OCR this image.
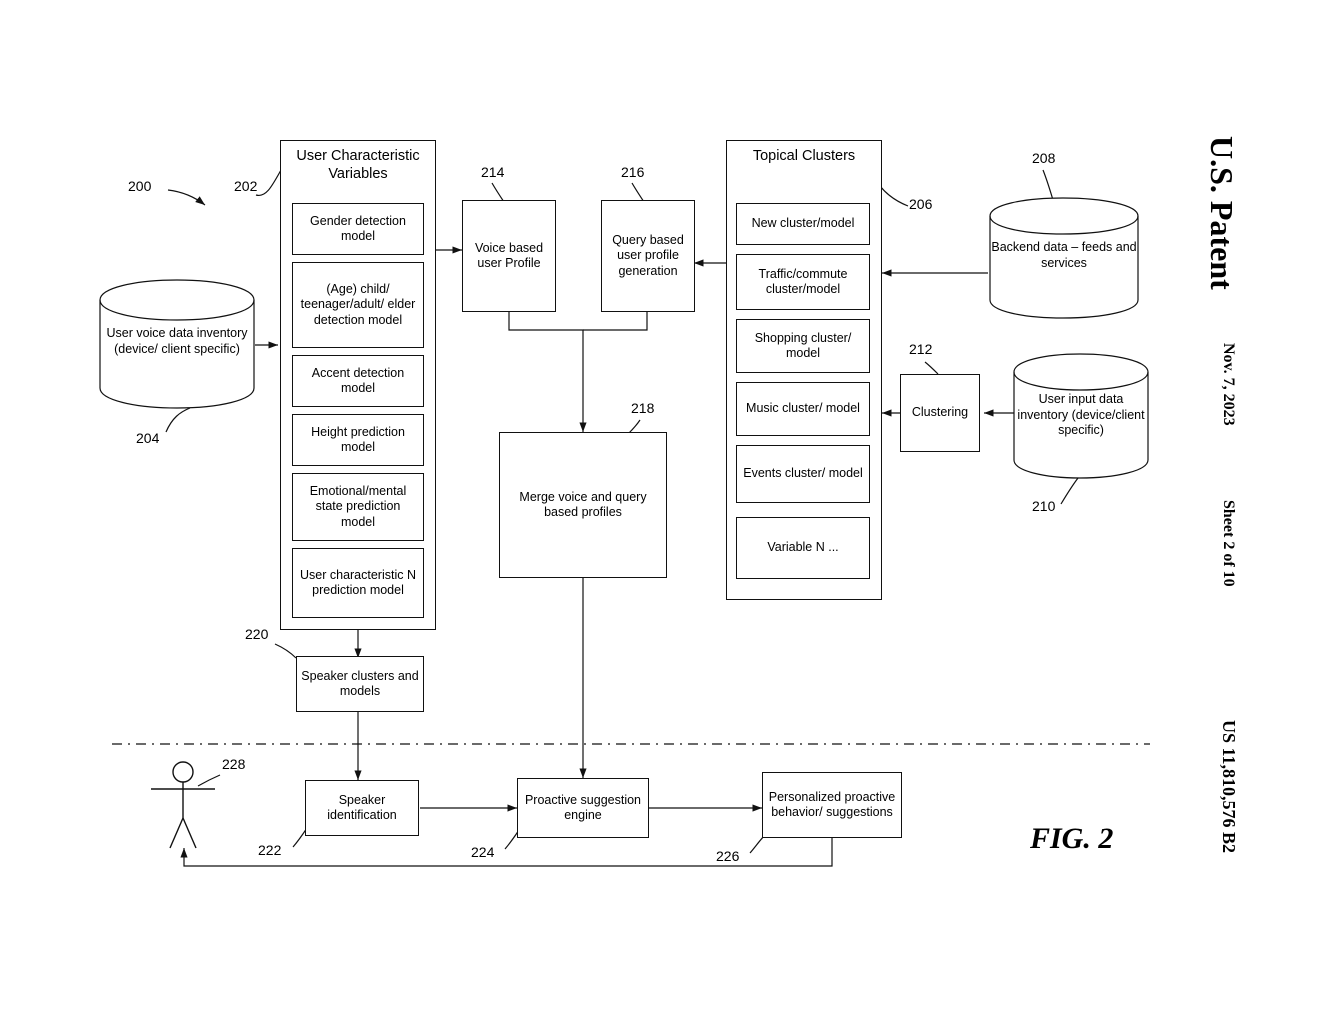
User voice data inventory (device/ client specific)
Backend data – feeds and services
User input data inventory (device/client specific)
User Characteristic Variables
Gender detection model
(Age) child/ teenager/adult/ elder detection model
Accent detection model
Height prediction model
Emotional/mental state prediction model
User characteristic N prediction model
Topical Clusters
New cluster/model
Traffic/commute cluster/model
Shopping cluster/ model
Music cluster/ model
Events cluster/ model
Variable N ...
Voice based user Profile
Query based user profile generation
Clustering
Merge voice and query based profiles
Speaker clusters and models
Speaker identification
Proactive suggestion engine
Personalized proactive behavior/ suggestions
200	202
204
206
208
210
212
214	216
218
220
222	224	226
228
FIG. 2
U.S. Patent
Nov. 7, 2023
Sheet 2 of 10
US 11,810,576 B2
